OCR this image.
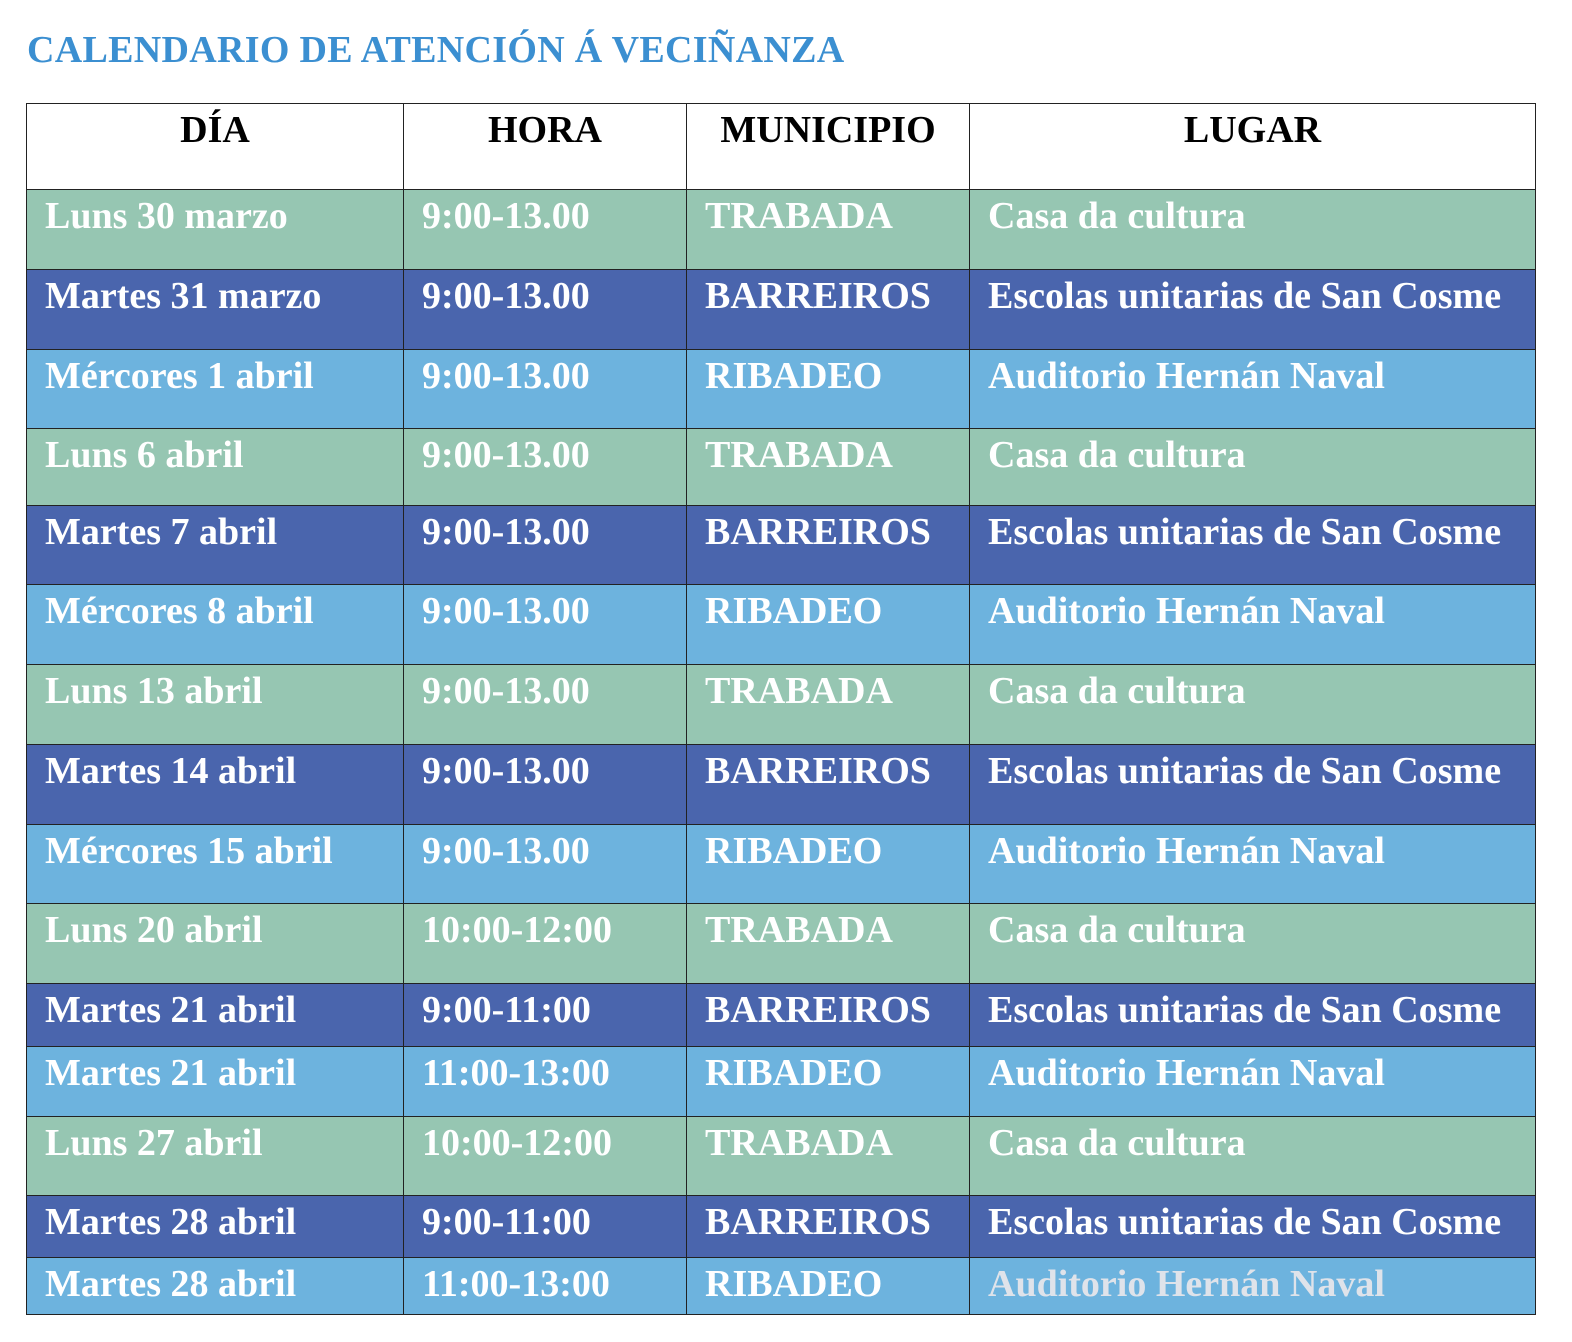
CALENDARIO DE ATENCIÓN Á VECIÑANZA
DÍA	HORA	MUNICIPIO	LUGAR
Luns 30 marzo	9:00-13.00	TRABADA	Casa da cultura
Martes 31 marzo	9:00-13.00	BARREIROS	Escolas unitarias de San Cosme
Mércores 1 abril	9:00-13.00	RIBADEO	Auditorio Hernán Naval
Luns 6 abril	9:00-13.00	TRABADA	Casa da cultura
Martes 7 abril	9:00-13.00	BARREIROS	Escolas unitarias de San Cosme
Mércores 8 abril	9:00-13.00	RIBADEO	Auditorio Hernán Naval
Luns 13 abril	9:00-13.00	TRABADA	Casa da cultura
Martes 14 abril	9:00-13.00	BARREIROS	Escolas unitarias de San Cosme
Mércores 15 abril	9:00-13.00	RIBADEO	Auditorio Hernán Naval
Luns 20 abril	10:00-12:00	TRABADA	Casa da cultura
Martes 21 abril	9:00-11:00	BARREIROS	Escolas unitarias de San Cosme
Martes 21 abril	11:00-13:00	RIBADEO	Auditorio Hernán Naval
Luns 27 abril	10:00-12:00	TRABADA	Casa da cultura
Martes 28 abril	9:00-11:00	BARREIROS	Escolas unitarias de San Cosme
Martes 28 abril	11:00-13:00	RIBADEO	Auditorio Hernán Naval
